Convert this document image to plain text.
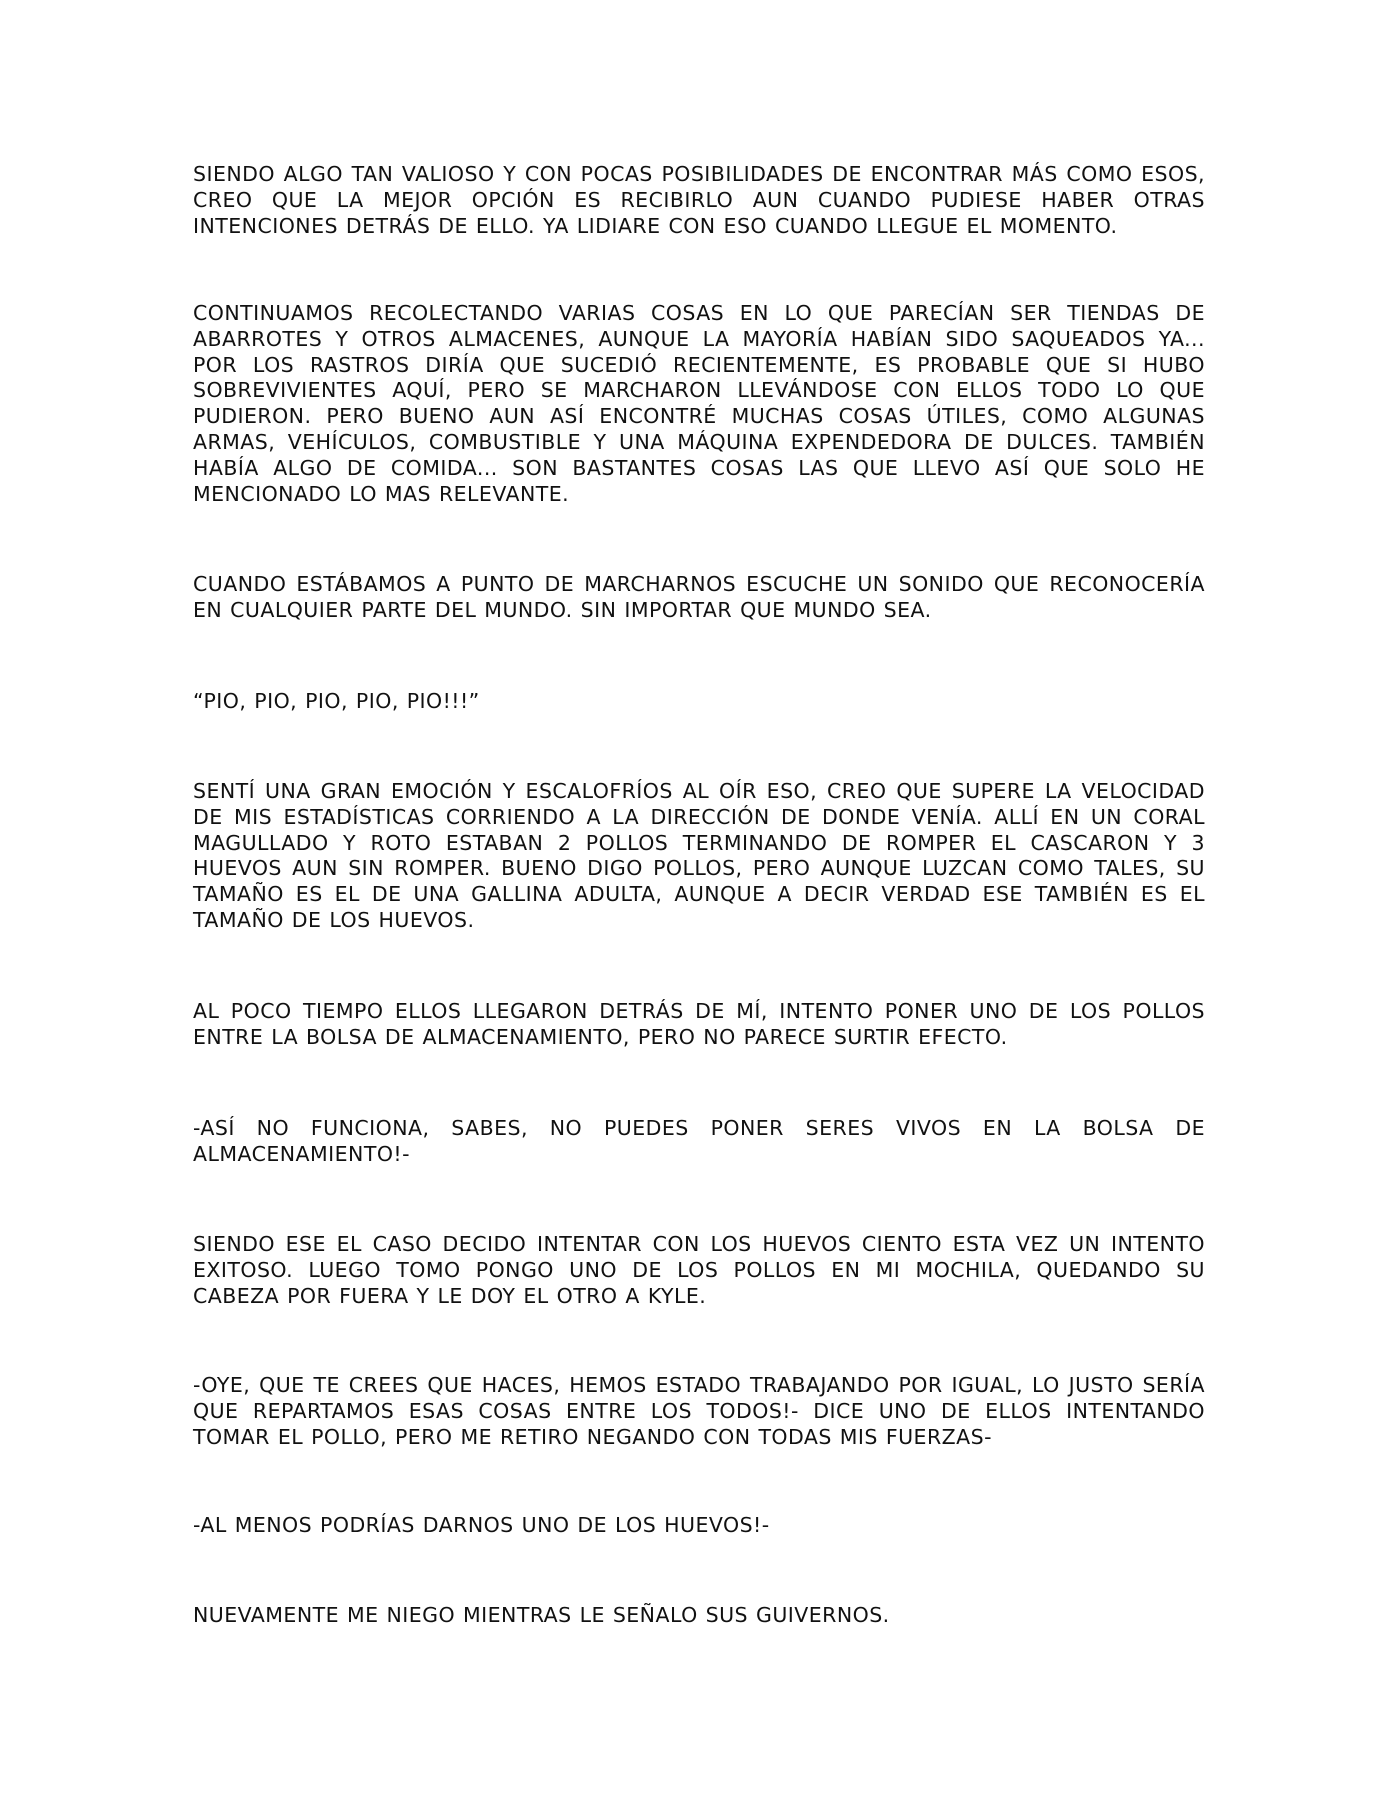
SIENDO ALGO TAN VALIOSO Y CON POCAS POSIBILIDADES DE ENCONTRAR MÁS COMO ESOS, CREO QUE LA MEJOR OPCIÓN ES RECIBIRLO AUN CUANDO PUDIESE HABER OTRAS INTENCIONES DETRÁS DE ELLO. YA LIDIARE CON ESO CUANDO LLEGUE EL MOMENTO.

CONTINUAMOS RECOLECTANDO VARIAS COSAS EN LO QUE PARECÍAN SER TIENDAS DE ABARROTES Y OTROS ALMACENES, AUNQUE LA MAYORÍA HABÍAN SIDO SAQUEADOS YA... POR LOS RASTROS DIRÍA QUE SUCEDIÓ RECIENTEMENTE, ES PROBABLE QUE SI HUBO SOBREVIVIENTES AQUÍ, PERO SE MARCHARON LLEVÁNDOSE CON ELLOS TODO LO QUE PUDIERON. PERO BUENO AUN ASÍ ENCONTRÉ MUCHAS COSAS ÚTILES, COMO ALGUNAS ARMAS, VEHÍCULOS, COMBUSTIBLE Y UNA MÁQUINA EXPENDEDORA DE DULCES. TAMBIÉN HABÍA ALGO DE COMIDA... SON BASTANTES COSAS LAS QUE LLEVO ASÍ QUE SOLO HE MENCIONADO LO MAS RELEVANTE.

CUANDO ESTÁBAMOS A PUNTO DE MARCHARNOS ESCUCHE UN SONIDO QUE RECONOCERÍA EN CUALQUIER PARTE DEL MUNDO. SIN IMPORTAR QUE MUNDO SEA.

“PIO, PIO, PIO, PIO, PIO!!!”

SENTÍ UNA GRAN EMOCIÓN Y ESCALOFRÍOS AL OÍR ESO, CREO QUE SUPERE LA VELOCIDAD DE MIS ESTADÍSTICAS CORRIENDO A LA DIRECCIÓN DE DONDE VENÍA. ALLÍ EN UN CORAL MAGULLADO Y ROTO ESTABAN 2 POLLOS TERMINANDO DE ROMPER EL CASCARON Y 3 HUEVOS AUN SIN ROMPER. BUENO DIGO POLLOS, PERO AUNQUE LUZCAN COMO TALES, SU TAMAÑO ES EL DE UNA GALLINA ADULTA, AUNQUE A DECIR VERDAD ESE TAMBIÉN ES EL TAMAÑO DE LOS HUEVOS.

AL POCO TIEMPO ELLOS LLEGARON DETRÁS DE MÍ, INTENTO PONER UNO DE LOS POLLOS ENTRE LA BOLSA DE ALMACENAMIENTO, PERO NO PARECE SURTIR EFECTO.

-ASÍ NO FUNCIONA, SABES, NO PUEDES PONER SERES VIVOS EN LA BOLSA DE ALMACENAMIENTO!-

SIENDO ESE EL CASO DECIDO INTENTAR CON LOS HUEVOS CIENTO ESTA VEZ UN INTENTO EXITOSO. LUEGO TOMO PONGO UNO DE LOS POLLOS EN MI MOCHILA, QUEDANDO SU CABEZA POR FUERA Y LE DOY EL OTRO A KYLE.

-OYE, QUE TE CREES QUE HACES, HEMOS ESTADO TRABAJANDO POR IGUAL, LO JUSTO SERÍA QUE REPARTAMOS ESAS COSAS ENTRE LOS TODOS!- DICE UNO DE ELLOS INTENTANDO TOMAR EL POLLO, PERO ME RETIRO NEGANDO CON TODAS MIS FUERZAS-

-AL MENOS PODRÍAS DARNOS UNO DE LOS HUEVOS!-

NUEVAMENTE ME NIEGO MIENTRAS LE SEÑALO SUS GUIVERNOS.
